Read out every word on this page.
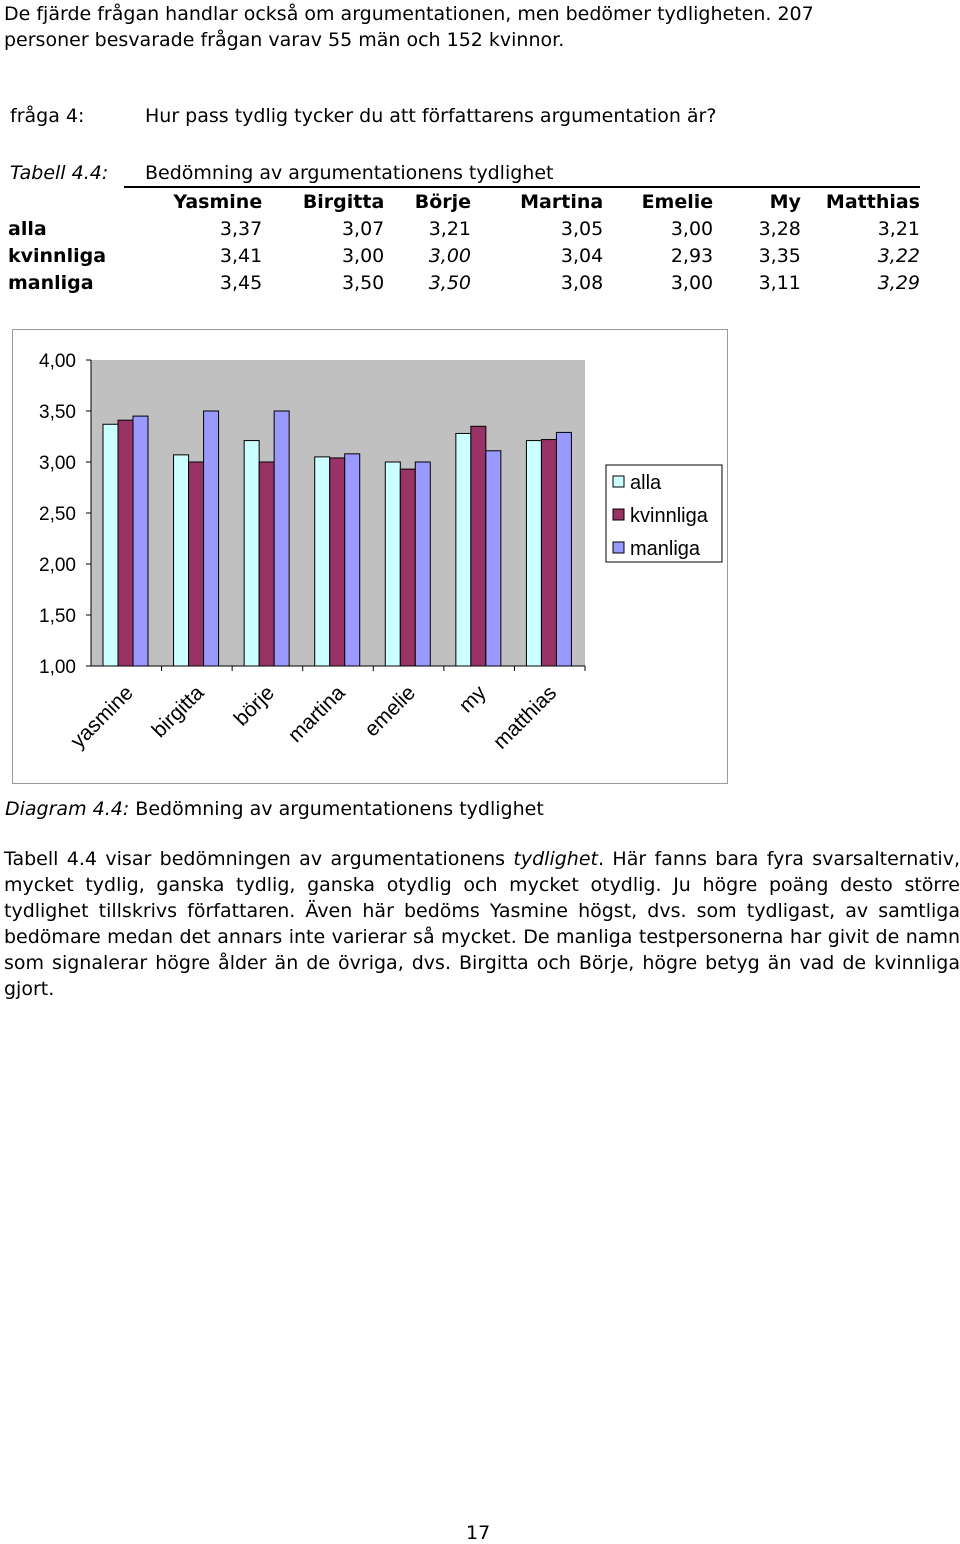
De fjärde frågan handlar också om argumentationen, men bedömer tydligheten. 207
personer besvarade frågan varav 55 män och 152 kvinnor.
fråga 4:	Hur pass tydlig tycker du att författarens argumentation är?
Tabell 4.4: Bedömning av argumentationens tydlighet
	Yasmine	Birgitta	Börje	Martina	Emelie	My	Matthias
alla	3,37	3,07	3,21	3,05	3,00	3,28	3,21
kvinnliga	3,41	3,00	3,00	3,04	2,93	3,35	3,22
manliga	3,45	3,50	3,50	3,08	3,00	3,11	3,29
1,00
1,50
2,00
2,50
3,00
3,50
4,00
yasmine birgitta börje martina emelie my
matthias
alla
kvinnliga
manliga
Diagram 4.4: Bedömning av argumentationens tydlighet

Tabell 4.4 visar bedömningen av argumentationens tydlighet. Här fanns bara fyra svarsalternativ, mycket tydlig, ganska tydlig, ganska otydlig och mycket otydlig. Ju högre poäng desto större tydlighet tillskrivs författaren. Även här bedöms Yasmine högst, dvs. som tydligast, av samtliga bedömare medan det annars inte varierar så mycket. De manliga testpersonerna har givit de namn som signalerar högre ålder än de övriga, dvs. Birgitta och Börje, högre betyg än vad de kvinnliga gjort.

17
